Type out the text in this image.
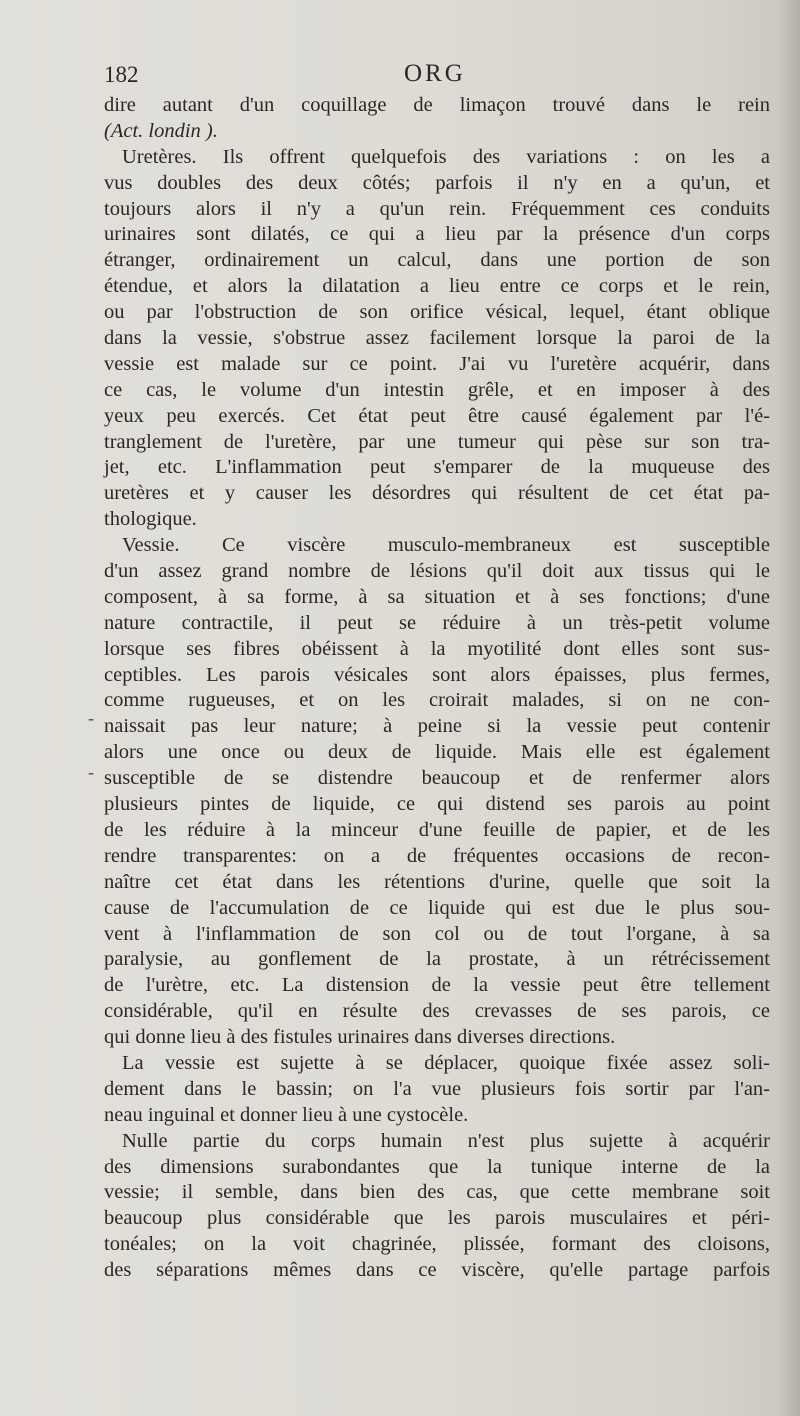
182	ORG
-
-
dire autant d'un coquillage de limaçon trouvé dans le rein
(Act. londin ).
Uretères. Ils offrent quelquefois des variations : on les a
vus doubles des deux côtés; parfois il n'y en a qu'un, et
toujours alors il n'y a qu'un rein. Fréquemment ces conduits
urinaires sont dilatés, ce qui a lieu par la présence d'un corps
étranger, ordinairement un calcul, dans une portion de son
étendue, et alors la dilatation a lieu entre ce corps et le rein,
ou par l'obstruction de son orifice vésical, lequel, étant oblique
dans la vessie, s'obstrue assez facilement lorsque la paroi de la
vessie est malade sur ce point. J'ai vu l'uretère acquérir, dans
ce cas, le volume d'un intestin grêle, et en imposer à des
yeux peu exercés. Cet état peut être causé également par l'é-
tranglement de l'uretère, par une tumeur qui pèse sur son tra-
jet, etc. L'inflammation peut s'emparer de la muqueuse des
uretères et y causer les désordres qui résultent de cet état pa-
thologique.
Vessie. Ce viscère musculo-membraneux est susceptible
d'un assez grand nombre de lésions qu'il doit aux tissus qui le
composent, à sa forme, à sa situation et à ses fonctions; d'une
nature contractile, il peut se réduire à un très-petit volume
lorsque ses fibres obéissent à la myotilité dont elles sont sus-
ceptibles. Les parois vésicales sont alors épaisses, plus fermes,
comme rugueuses, et on les croirait malades, si on ne con-
naissait pas leur nature; à peine si la vessie peut contenir
alors une once ou deux de liquide. Mais elle est également
susceptible de se distendre beaucoup et de renfermer alors
plusieurs pintes de liquide, ce qui distend ses parois au point
de les réduire à la minceur d'une feuille de papier, et de les
rendre transparentes: on a de fréquentes occasions de recon-
naître cet état dans les rétentions d'urine, quelle que soit la
cause de l'accumulation de ce liquide qui est due le plus sou-
vent à l'inflammation de son col ou de tout l'organe, à sa
paralysie, au gonflement de la prostate, à un rétrécissement
de l'urètre, etc. La distension de la vessie peut être tellement
considérable, qu'il en résulte des crevasses de ses parois, ce
qui donne lieu à des fistules urinaires dans diverses directions.
La vessie est sujette à se déplacer, quoique fixée assez soli-
dement dans le bassin; on l'a vue plusieurs fois sortir par l'an-
neau inguinal et donner lieu à une cystocèle.
Nulle partie du corps humain n'est plus sujette à acquérir
des dimensions surabondantes que la tunique interne de la
vessie; il semble, dans bien des cas, que cette membrane soit
beaucoup plus considérable que les parois musculaires et péri-
tonéales; on la voit chagrinée, plissée, formant des cloisons,
des séparations mêmes dans ce viscère, qu'elle partage parfois
